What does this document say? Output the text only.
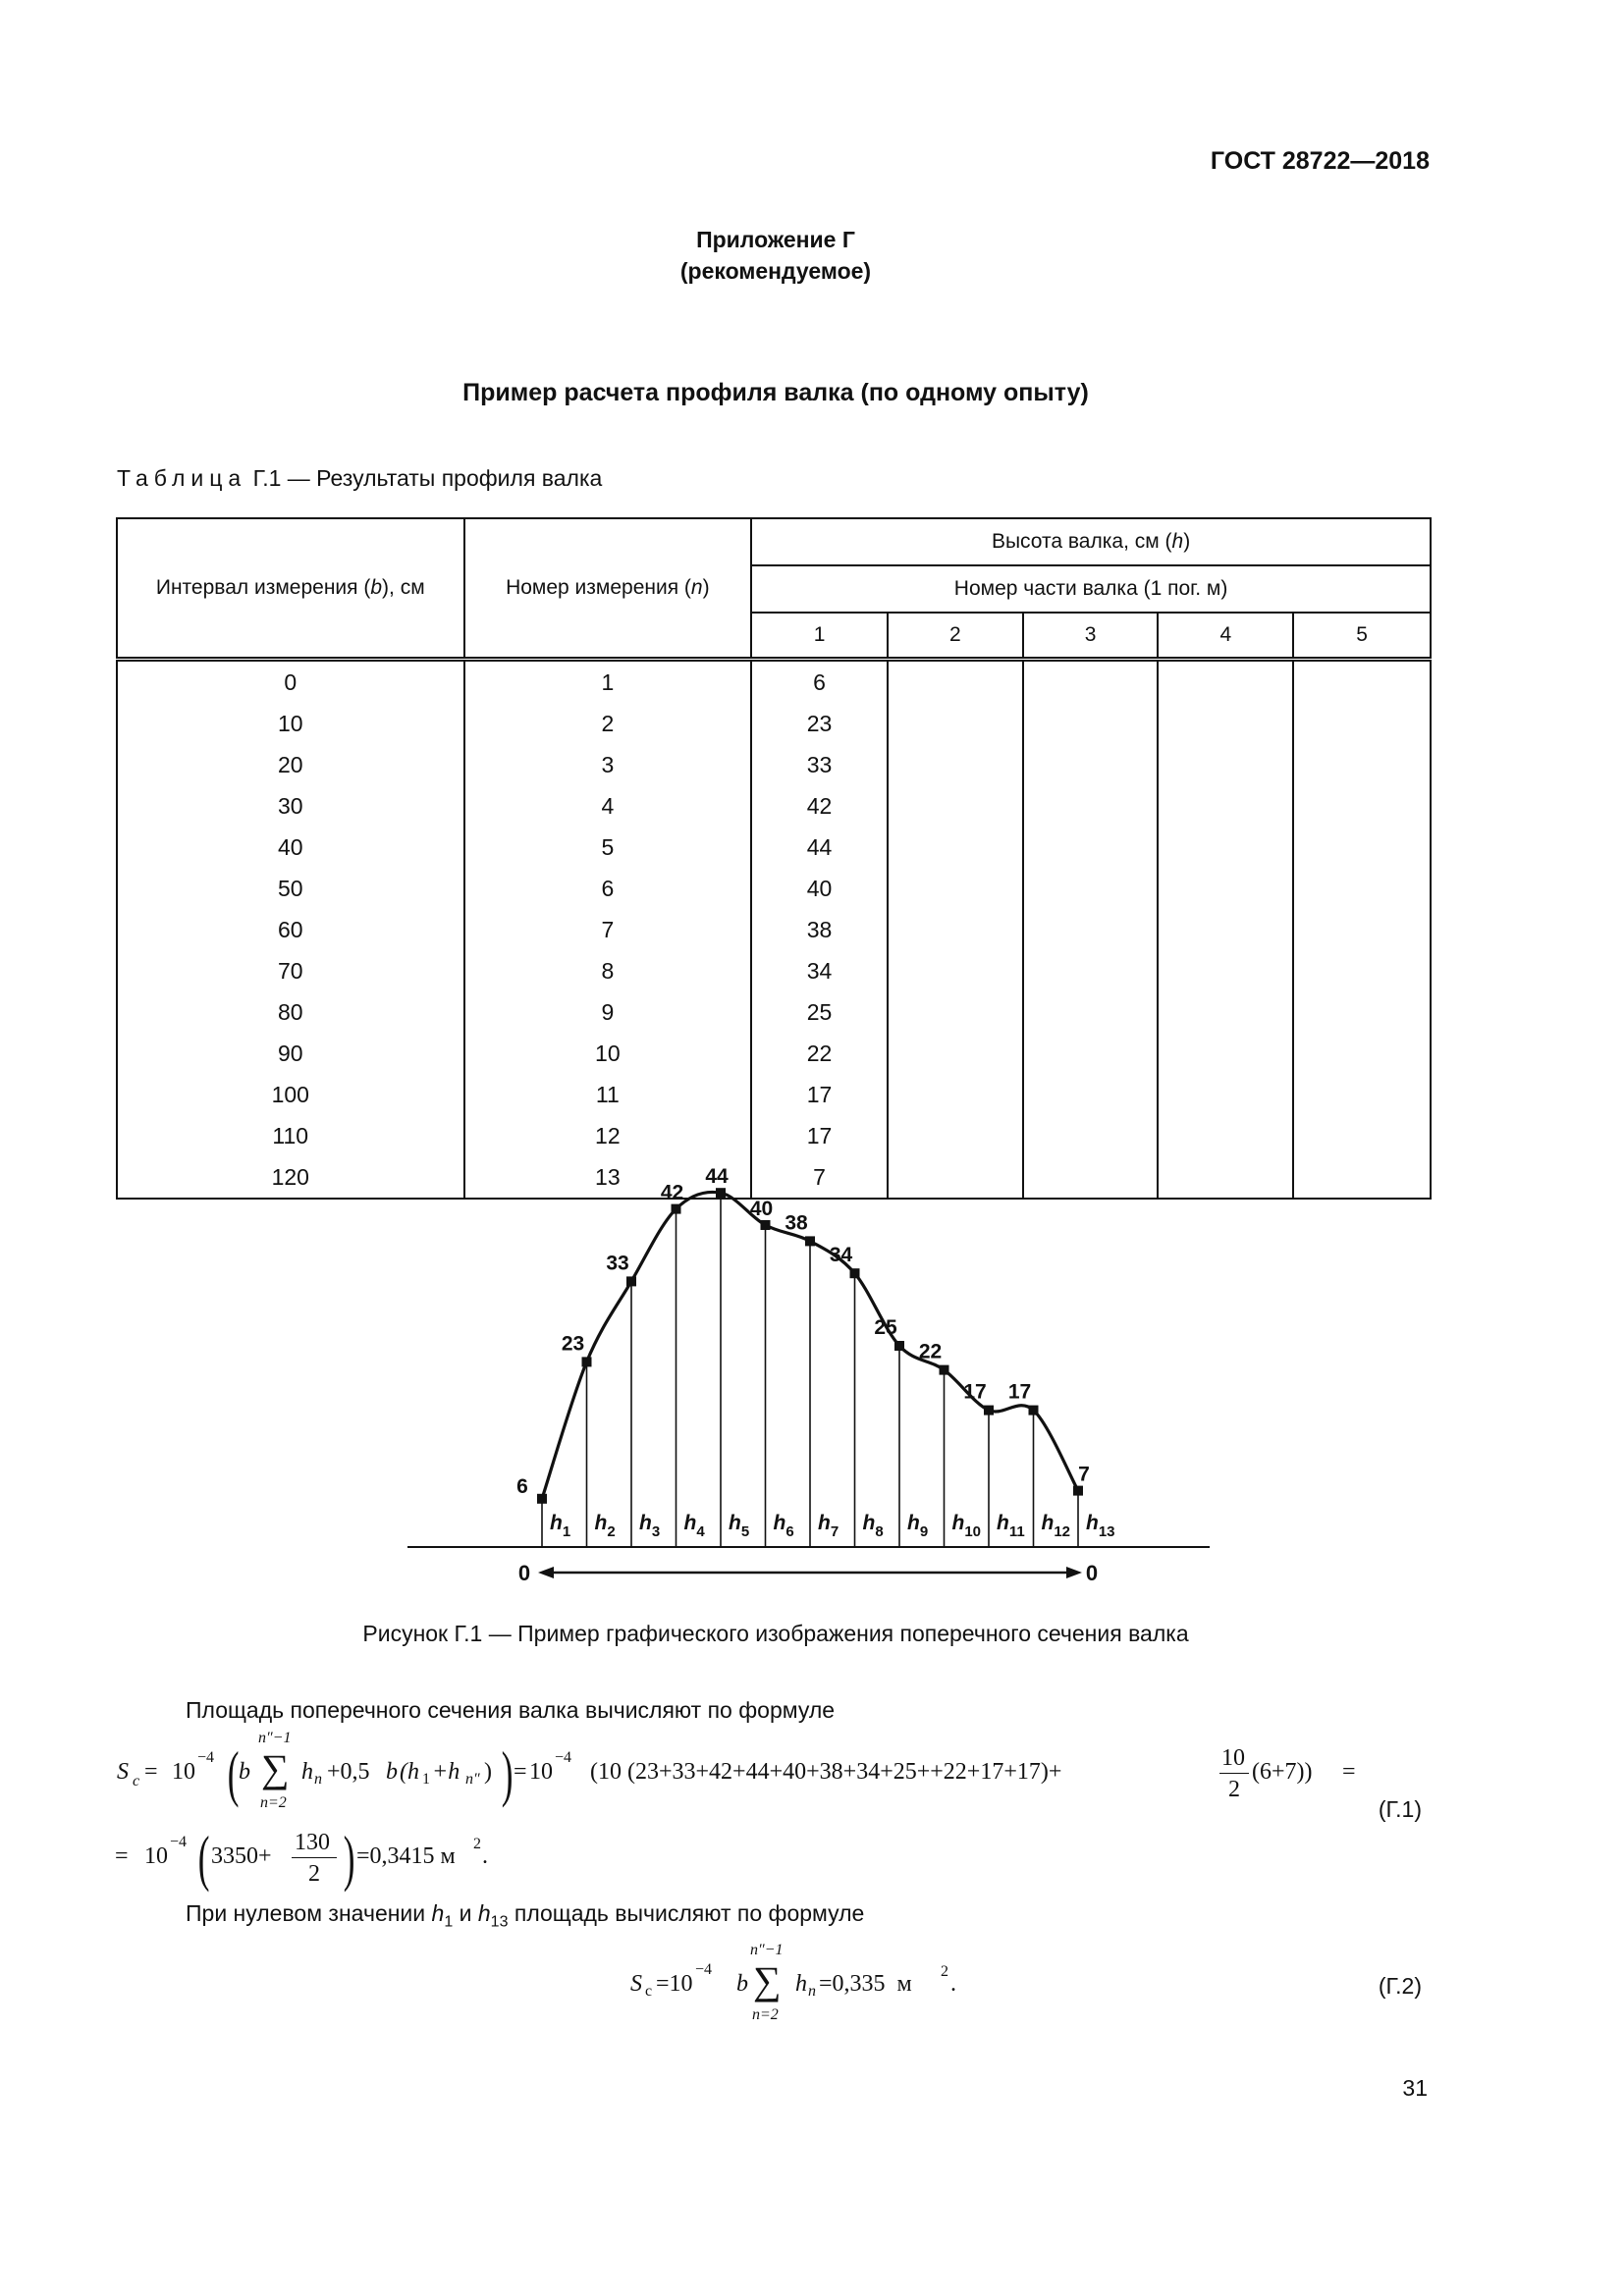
ГОСТ 28722—2018
Приложение Г
(рекомендуемое)
Пример расчета профиля валка (по одному опыту)
Таблица Г.1 — Результаты профиля валка
Интервал измерения (b), см	Номер измерения (n)	Высота валка, см (h)				
		Номер части валка (1 пог. м)				
		1	2	3	4	5
0	1	6				
10	2	23				
20	3	33				
30	4	42				
40	5	44				
50	6	40				
60	7	38				
70	8	34				
80	9	25				
90	10	22				
100	11	17				
110	12	17				
120	13	7				
6
23
33
42
44
40
38
34
25
22
17 17
7
$h_1$ $h_2$ $h_3$ $h_4$ $h_5$ $h_6$ $h_7$ $h_8$ $h_9$ $h_{10}$ $h_{11}$ $h_{12}$ $h_{13}$
0	0
Рисунок Г.1 — Пример графического изображения поперечного сечения валка
Площадь поперечного сечения валка вычисляют по формуле
S c = 10
−4 ( b
n″−1
∑
n=2
h n +0,5 b (h 1 +h n″ ) ) = 10
−4
(10 (23+33+42+44+40+38+34+25++22+17+17)+
10
2
(6+7)) =
(Г.1)
= 10
−4 ( 3350+
130
2 ) =0,3415 м 2 .
При нулевом значении $h_1$ и $h_{13}$ площадь вычисляют по формуле
S c =10
−4
b
n″−1
∑
n=2
h n =0,335  м 2 .	(Г.2)
31
